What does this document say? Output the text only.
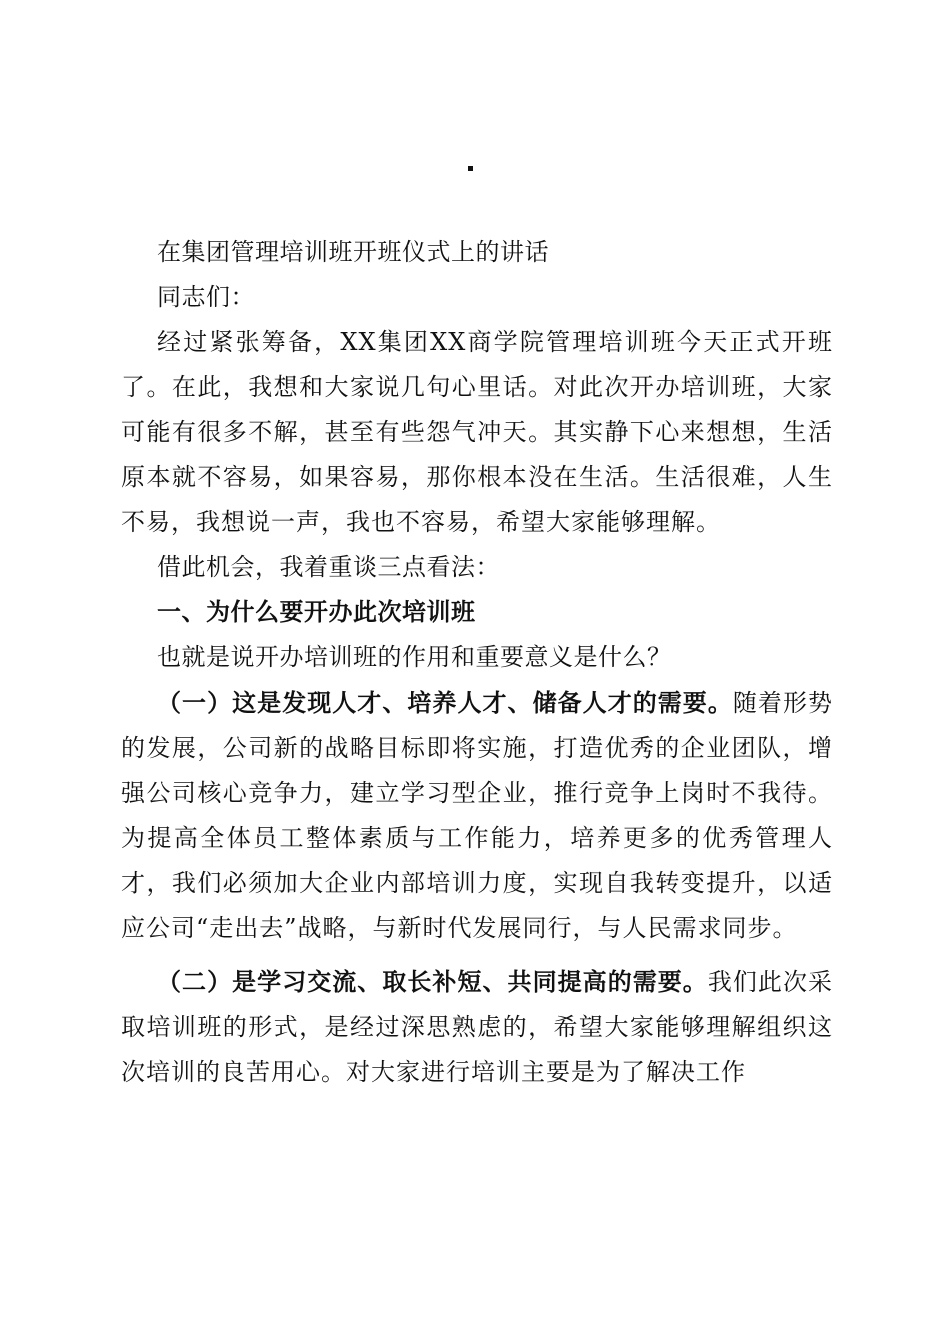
在集团管理培训班开班仪式上的讲话

同志们：

经过紧张筹备，XX集团XX商学院管理培训班今天正式开班了。在此，我想和大家说几句心里话。对此次开办培训班，大家可能有很多不解，甚至有些怨气冲天。其实静下心来想想，生活原本就不容易，如果容易，那你根本没在生活。生活很难，人生不易，我想说一声，我也不容易，希望大家能够理解。

借此机会，我着重谈三点看法：

一、为什么要开办此次培训班

也就是说开办培训班的作用和重要意义是什么？

（一）这是发现人才、培养人才、储备人才的需要。随着形势的发展，公司新的战略目标即将实施，打造优秀的企业团队，增强公司核心竞争力，建立学习型企业，推行竞争上岗时不我待。为提高全体员工整体素质与工作能力，培养更多的优秀管理人才，我们必须加大企业内部培训力度，实现自我转变提升，以适应公司“走出去”战略，与新时代发展同行，与人民需求同步。

（二）是学习交流、取长补短、共同提高的需要。我们此次采取培训班的形式，是经过深思熟虑的，希望大家能够理解组织这次培训的良苦用心。对大家进行培训主要是为了解决工作
